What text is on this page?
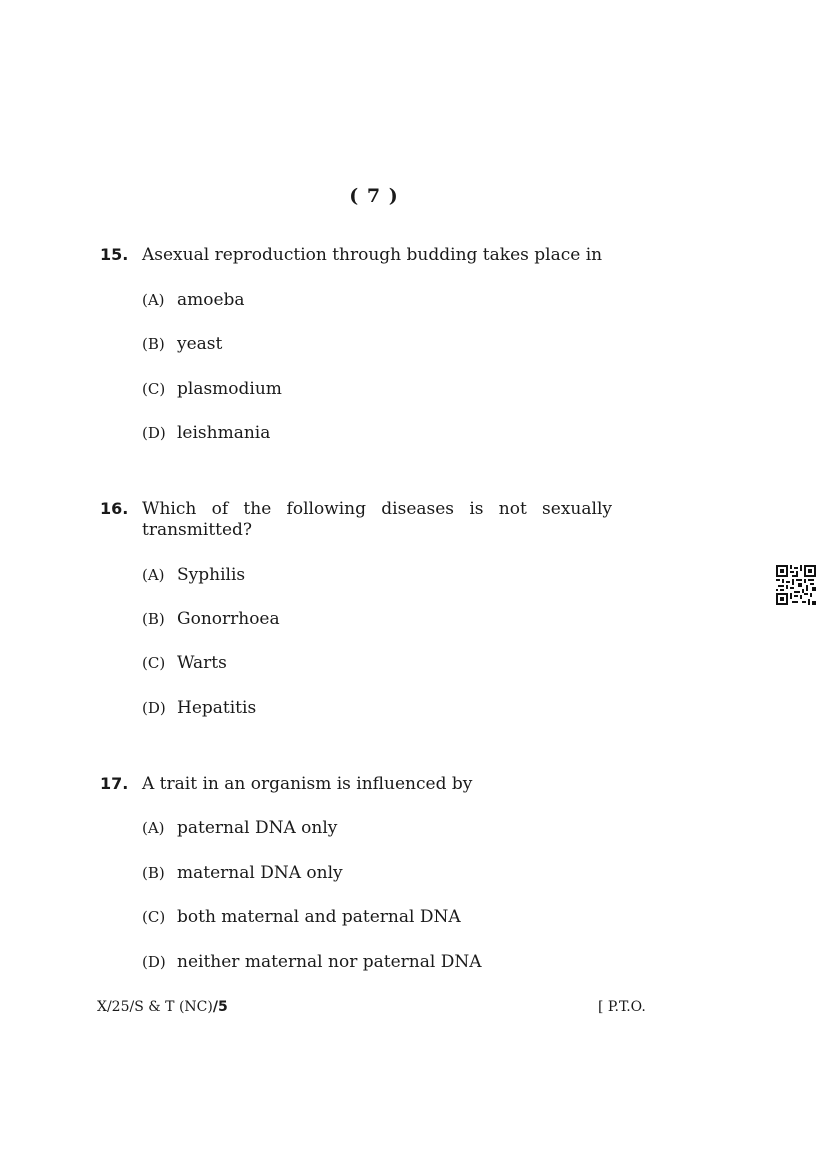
( 7 )
15. Asexual reproduction through budding takes place in
(A) amoeba
(B) yeast
(C) plasmodium
(D) leishmania
16. Which of the following diseases is not sexually
transmitted?
(A) Syphilis
(B) Gonorrhoea
(C) Warts
(D) Hepatitis
17. A trait in an organism is influenced by
(A) paternal DNA only
(B) maternal DNA only
(C) both maternal and paternal DNA
(D) neither maternal nor paternal DNA
X/25/S & T (NC)/5	[ P.T.O.
